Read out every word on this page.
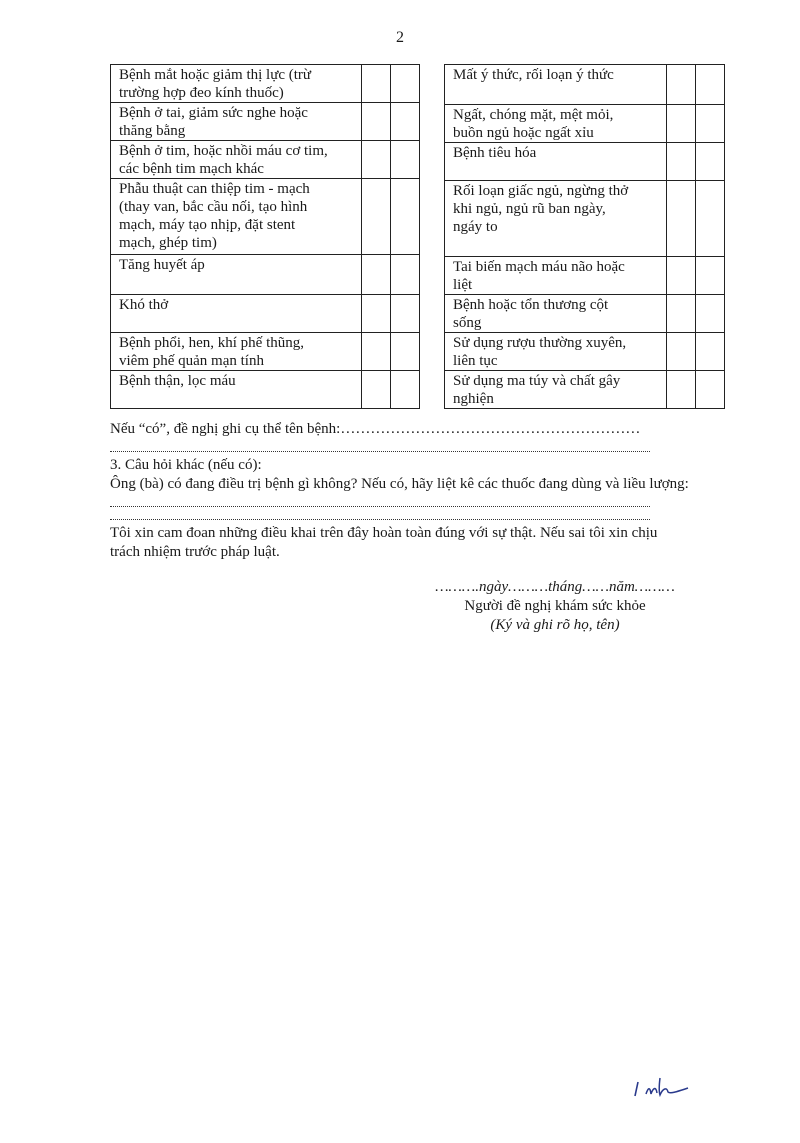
2
Bệnh mắt hoặc giảm thị lực (trừ
trường hợp đeo kính thuốc)		

Bệnh ở tai, giảm sức nghe hoặc
thăng bằng		

Bệnh ở tim, hoặc nhồi máu cơ tim,
các bệnh tim mạch khác		

Phẫu thuật can thiệp tim - mạch
(thay van, bắc cầu nối, tạo hình
mạch, máy tạo nhịp, đặt stent
mạch, ghép tim)		

Tăng huyết áp		

Khó thở		

Bệnh phổi, hen, khí phế thũng,
viêm phế quản mạn tính		

Bệnh thận, lọc máu		

Mất ý thức, rối loạn ý thức		

Ngất, chóng mặt, mệt mỏi,
buồn ngủ hoặc ngất xỉu		

Bệnh tiêu hóa		

Rối loạn giấc ngủ, ngừng thở
khi ngủ, ngủ rũ ban ngày,
ngáy to		

Tai biến mạch máu não hoặc
liệt		

Bệnh hoặc tổn thương cột
sống		

Sử dụng rượu thường xuyên,
liên tục		

Sử dụng ma túy và chất gây
nghiện		

Nếu “có”, đề nghị ghi cụ thể tên bệnh:……………………………………………………
3. Câu hỏi khác (nếu có):
Ông (bà) có đang điều trị bệnh gì không? Nếu có, hãy liệt kê các thuốc đang dùng và liều lượng:
Tôi xin cam đoan những điều khai trên đây hoàn toàn đúng với sự thật. Nếu sai tôi xin chịu
trách nhiệm trước pháp luật.
……….ngày………tháng……năm………
Người đề nghị khám sức khỏe
(Ký và ghi rõ họ, tên)
